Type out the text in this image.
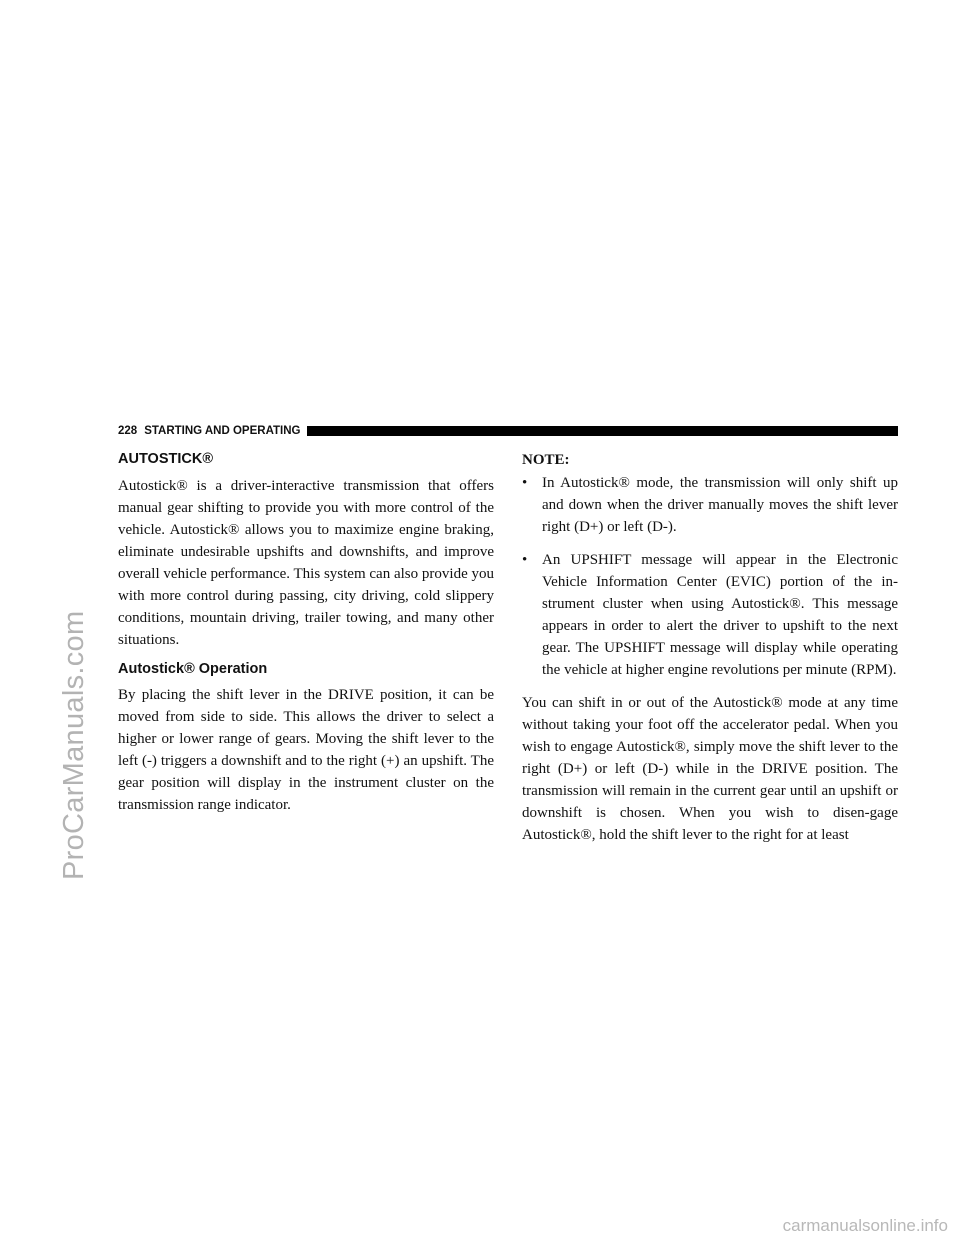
ProCarManuals.com
228 STARTING AND OPERATING
AUTOSTICK®

Autostick® is a driver-interactive transmission that offers manual gear shifting to provide you with more control of the vehicle. Autostick® allows you to maximize engine braking, eliminate undesirable upshifts and downshifts, and improve overall vehicle performance. This system can also provide you with more control during passing, city driving, cold slippery conditions, mountain driving, trailer towing, and many other situations.

Autostick® Operation

By placing the shift lever in the DRIVE position, it can be moved from side to side. This allows the driver to select a higher or lower range of gears. Moving the shift lever to the left (-) triggers a downshift and to the right (+) an upshift. The gear position will display in the instrument cluster on the transmission range indicator.

NOTE:
• In Autostick® mode, the transmission will only shift up and down when the driver manually moves the shift lever right (D+) or left (D-).
• An UPSHIFT message will appear in the Electronic Vehicle Information Center (EVIC) portion of the in-strument cluster when using Autostick®. This message appears in order to alert the driver to upshift to the next gear. The UPSHIFT message will display while operating the vehicle at higher engine revolutions per minute (RPM).

You can shift in or out of the Autostick® mode at any time without taking your foot off the accelerator pedal. When you wish to engage Autostick®, simply move the shift lever to the right (D+) or left (D-) while in the DRIVE position. The transmission will remain in the current gear until an upshift or downshift is chosen. When you wish to disen-gage Autostick®, hold the shift lever to the right for at least

carmanualsonline.info
